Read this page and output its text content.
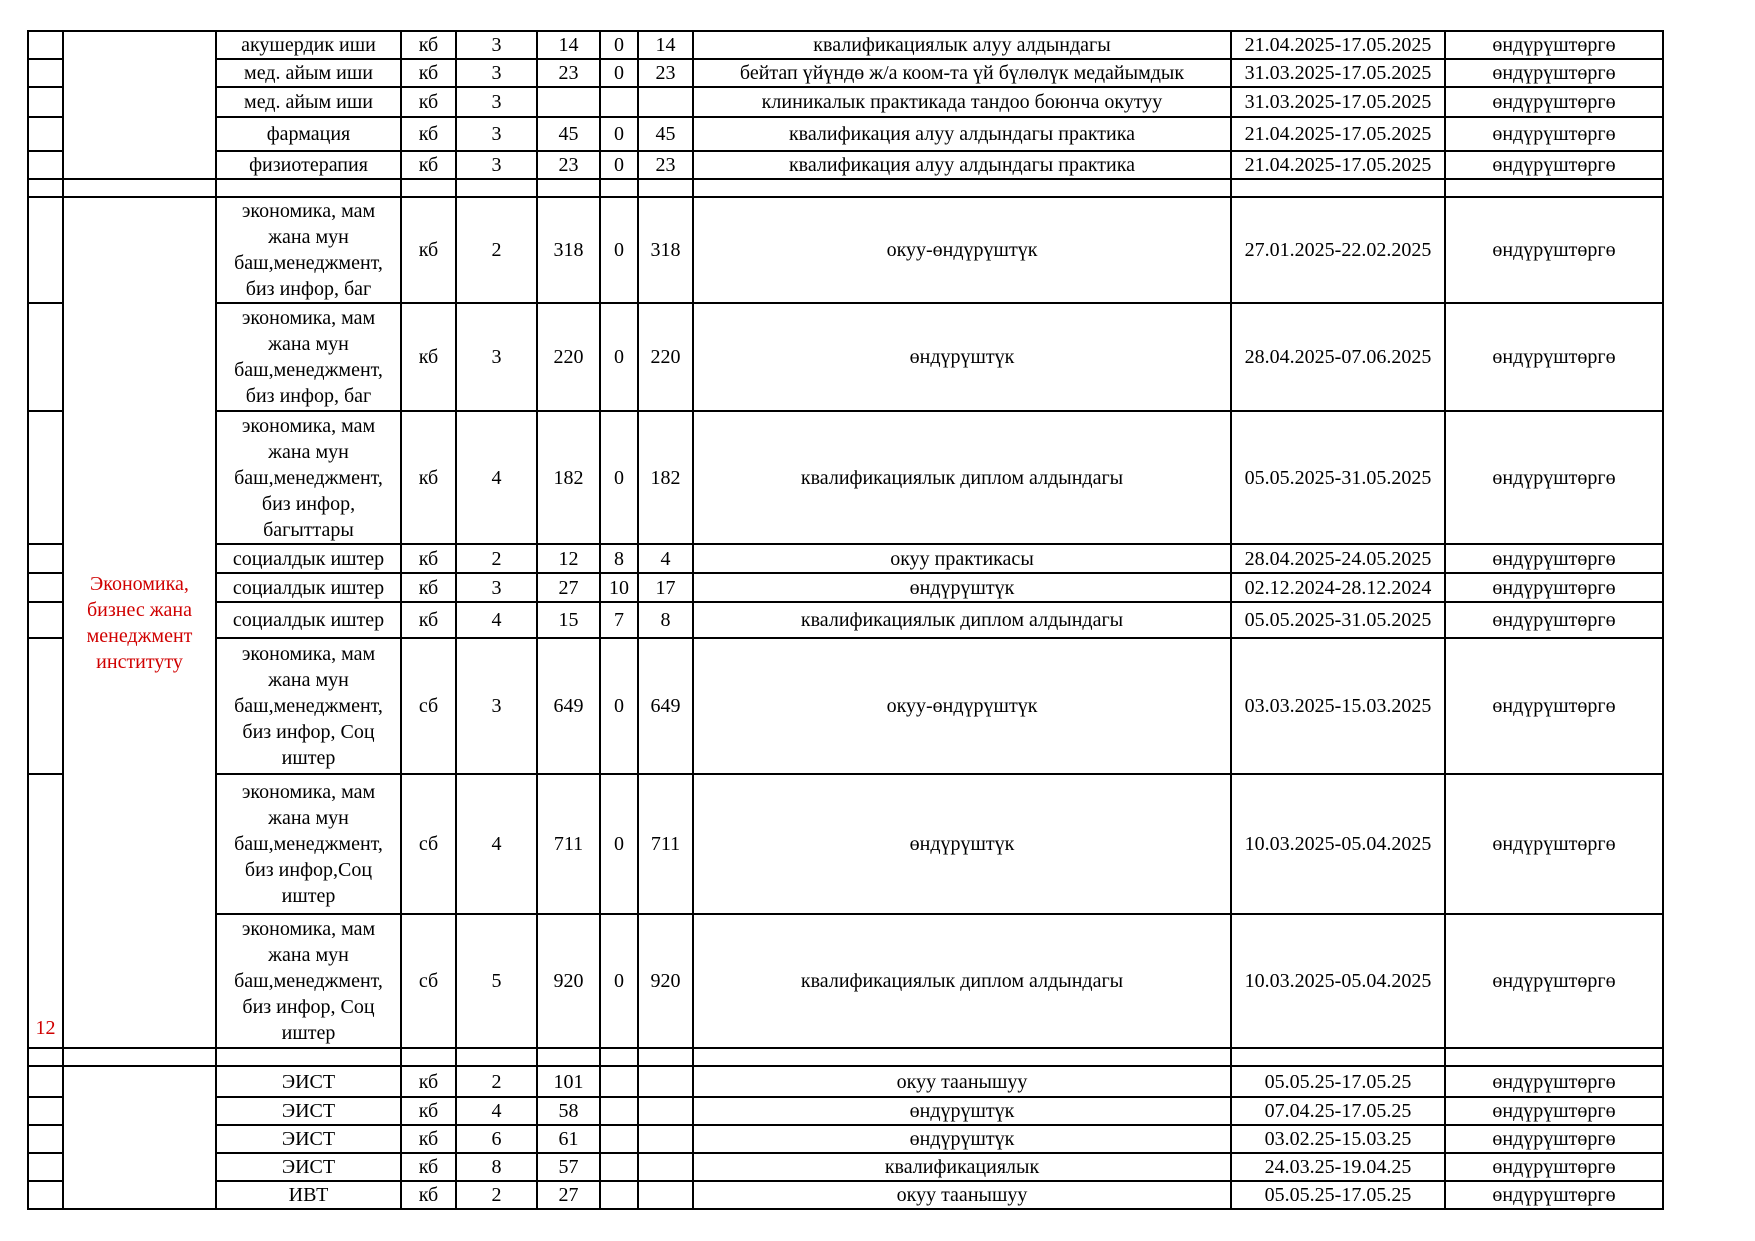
		акушердик иши	кб	3	14	0	14	квалификациялык алуу алдындагы	21.04.2025-17.05.2025	өндүрүштөргө
		мед. айым иши	кб	3	23	0	23	бейтап үйүндө ж/а коом-та үй бүлөлүк медайымдык	31.03.2025-17.05.2025	өндүрүштөргө
		мед. айым иши	кб	3				клиникалык практикада тандоо боюнча окутуу	31.03.2025-17.05.2025	өндүрүштөргө
		фармация	кб	3	45	0	45	квалификация алуу алдындагы практика	21.04.2025-17.05.2025	өндүрүштөргө
		физиотерапия	кб	3	23	0	23	квалификация алуу алдындагы практика	21.04.2025-17.05.2025	өндүрүштөргө

	Экономика, бизнес жана менеджмент институту	экономика, мам жана мун баш,менеджмент, биз инфор, баг	кб	2	318	0	318	окуу-өндүрүштүк	27.01.2025-22.02.2025	өндүрүштөргө
		экономика, мам жана мун баш,менеджмент, биз инфор, баг	кб	3	220	0	220	өндүрүштүк	28.04.2025-07.06.2025	өндүрүштөргө
		экономика, мам жана мун баш,менеджмент, биз инфор, багыттары	кб	4	182	0	182	квалификациялык диплом алдындагы	05.05.2025-31.05.2025	өндүрүштөргө
		социалдык иштер	кб	2	12	8	4	окуу практикасы	28.04.2025-24.05.2025	өндүрүштөргө
		социалдык иштер	кб	3	27	10	17	өндүрүштүк	02.12.2024-28.12.2024	өндүрүштөргө
		социалдык иштер	кб	4	15	7	8	квалификациялык диплом алдындагы	05.05.2025-31.05.2025	өндүрүштөргө
		экономика, мам жана мун баш,менеджмент, биз инфор, Соц иштер	сб	3	649	0	649	окуу-өндүрүштүк	03.03.2025-15.03.2025	өндүрүштөргө
12		экономика, мам жана мун баш,менеджмент, биз инфор,Соц иштер	сб	4	711	0	711	өндүрүштүк	10.03.2025-05.04.2025	өндүрүштөргө
		экономика, мам жана мун баш,менеджмент, биз инфор, Соц иштер	сб	5	920	0	920	квалификациялык диплом алдындагы	10.03.2025-05.04.2025	өндүрүштөргө

		ЭИСТ	кб	2	101			окуу таанышуу	05.05.25-17.05.25	өндүрүштөргө
		ЭИСТ	кб	4	58			өндүрүштүк	07.04.25-17.05.25	өндүрүштөргө
		ЭИСТ	кб	6	61			өндүрүштүк	03.02.25-15.03.25	өндүрүштөргө
		ЭИСТ	кб	8	57			квалификациялык	24.03.25-19.04.25	өндүрүштөргө
		ИВТ	кб	2	27			окуу таанышуу	05.05.25-17.05.25	өндүрүштөргө
